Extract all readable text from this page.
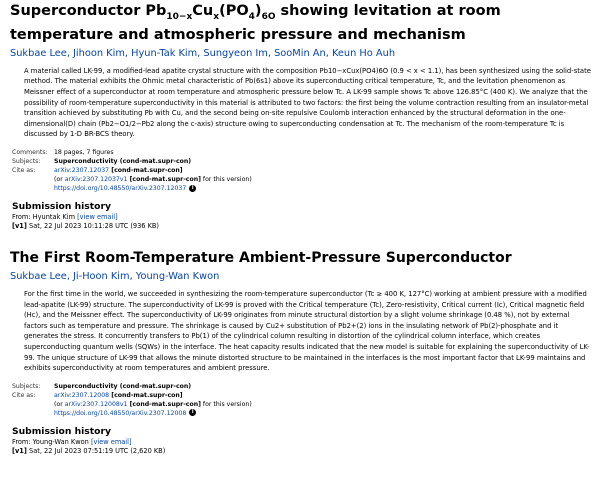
Superconductor $Pb_{10-x}Cu_x(PO_4)_{6O}$ showing levitation at room temperature and atmospheric pressure and mechanism
Sukbae Lee, Jihoon Kim, Hyun-Tak Kim, Sungyeon Im, SooMin An, Keun Ho Auh

A material called LK-99, a modified-lead apatite crystal structure with the composition Pb10−xCux(PO4)6O (0.9 < x < 1.1), has been synthesized using the solid-state method. The material exhibits the Ohmic metal characteristic of Pb(6s1) above its superconducting critical temperature, Tc, and the levitation phenomenon as Meissner effect of a superconductor at room temperature and atmospheric pressure below Tc. A LK-99 sample shows Tc above 126.85°C (400 K). We analyze that the possibility of room-temperature superconductivity in this material is attributed to two factors: the first being the volume contraction resulting from an insulator-metal transition achieved by substituting Pb with Cu, and the second being on-site repulsive Coulomb interaction enhanced by the structural deformation in the one-dimensional(D) chain (Pb2−O1/2−Pb2 along the c-axis) structure owing to superconducting condensation at Tc. The mechanism of the room-temperature Tc is discussed by 1-D BR-BCS theory.

Comments:	18 pages, 7 figures
Subjects:	Superconductivity (cond-mat.supr-con)
Cite as:	arXiv:2307.12037 [cond-mat.supr-con]
	(or arXiv:2307.12037v1 [cond-mat.supr-con] for this version)
	https://doi.org/10.48550/arXiv.2307.12037 i
Submission history
From: Hyuntak Kim [view email]
[v1] Sat, 22 Jul 2023 10:11:28 UTC (936 KB)
The First Room-Temperature Ambient-Pressure Superconductor
Sukbae Lee, Ji-Hoon Kim, Young-Wan Kwon

For the first time in the world, we succeeded in synthesizing the room-temperature superconductor (Tc ≥ 400 K, 127°C) working at ambient pressure with a modified lead-apatite (LK-99) structure. The superconductivity of LK-99 is proved with the Critical temperature (Tc), Zero-resistivity, Critical current (Ic), Critical magnetic field (Hc), and the Meissner effect. The superconductivity of LK-99 originates from minute structural distortion by a slight volume shrinkage (0.48 %), not by external factors such as temperature and pressure. The shrinkage is caused by Cu2+ substitution of Pb2+(2) ions in the insulating network of Pb(2)-phosphate and it generates the stress. It concurrently transfers to Pb(1) of the cylindrical column resulting in distortion of the cylindrical column interface, which creates superconducting quantum wells (SQWs) in the interface. The heat capacity results indicated that the new model is suitable for explaining the superconductivity of LK-99. The unique structure of LK-99 that allows the minute distorted structure to be maintained in the interfaces is the most important factor that LK-99 maintains and exhibits superconductivity at room temperatures and ambient pressure.

Subjects:	Superconductivity (cond-mat.supr-con)
Cite as:	arXiv:2307.12008 [cond-mat.supr-con]
	(or arXiv:2307.12008v1 [cond-mat.supr-con] for this version)
	https://doi.org/10.48550/arXiv.2307.12008 i
Submission history
From: Young-Wan Kwon [view email]
[v1] Sat, 22 Jul 2023 07:51:19 UTC (2,620 KB)
